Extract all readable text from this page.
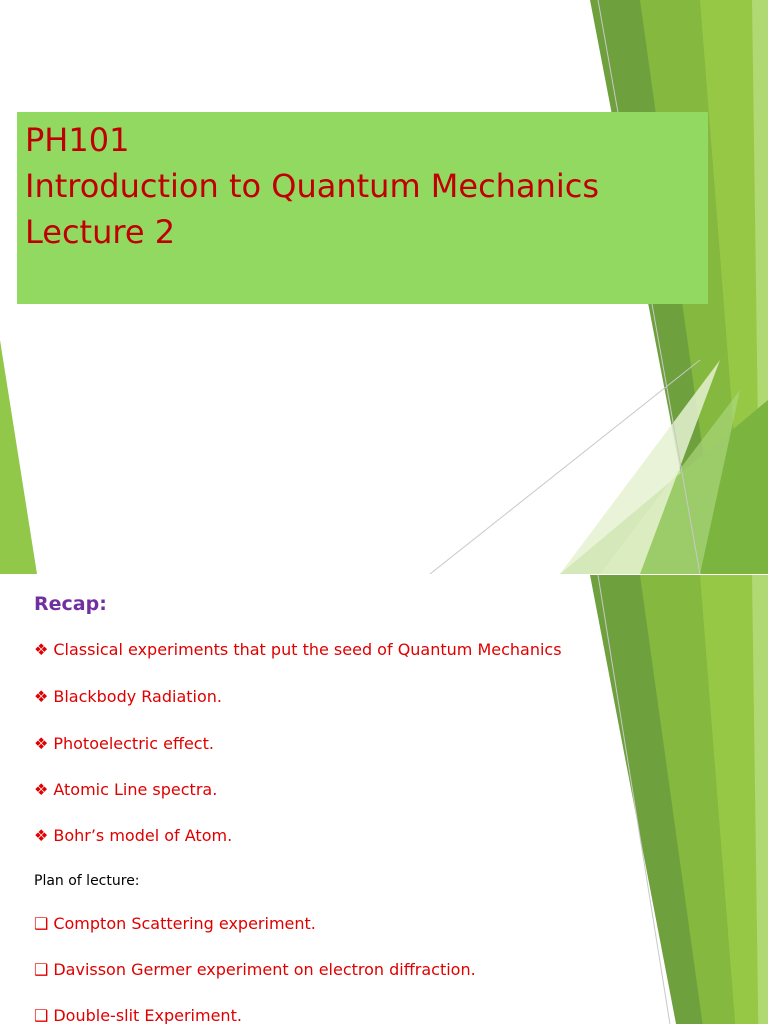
PH101
Introduction to Quantum Mechanics
Lecture 2
Recap:
❖ Classical experiments that put the seed of Quantum Mechanics
❖ Blackbody Radiation.
❖ Photoelectric effect.
❖ Atomic Line spectra.
❖ Bohr’s model of Atom.
Plan of lecture:
❑ Compton Scattering experiment.
❑ Davisson Germer experiment on electron diffraction.
❑ Double-slit Experiment.
